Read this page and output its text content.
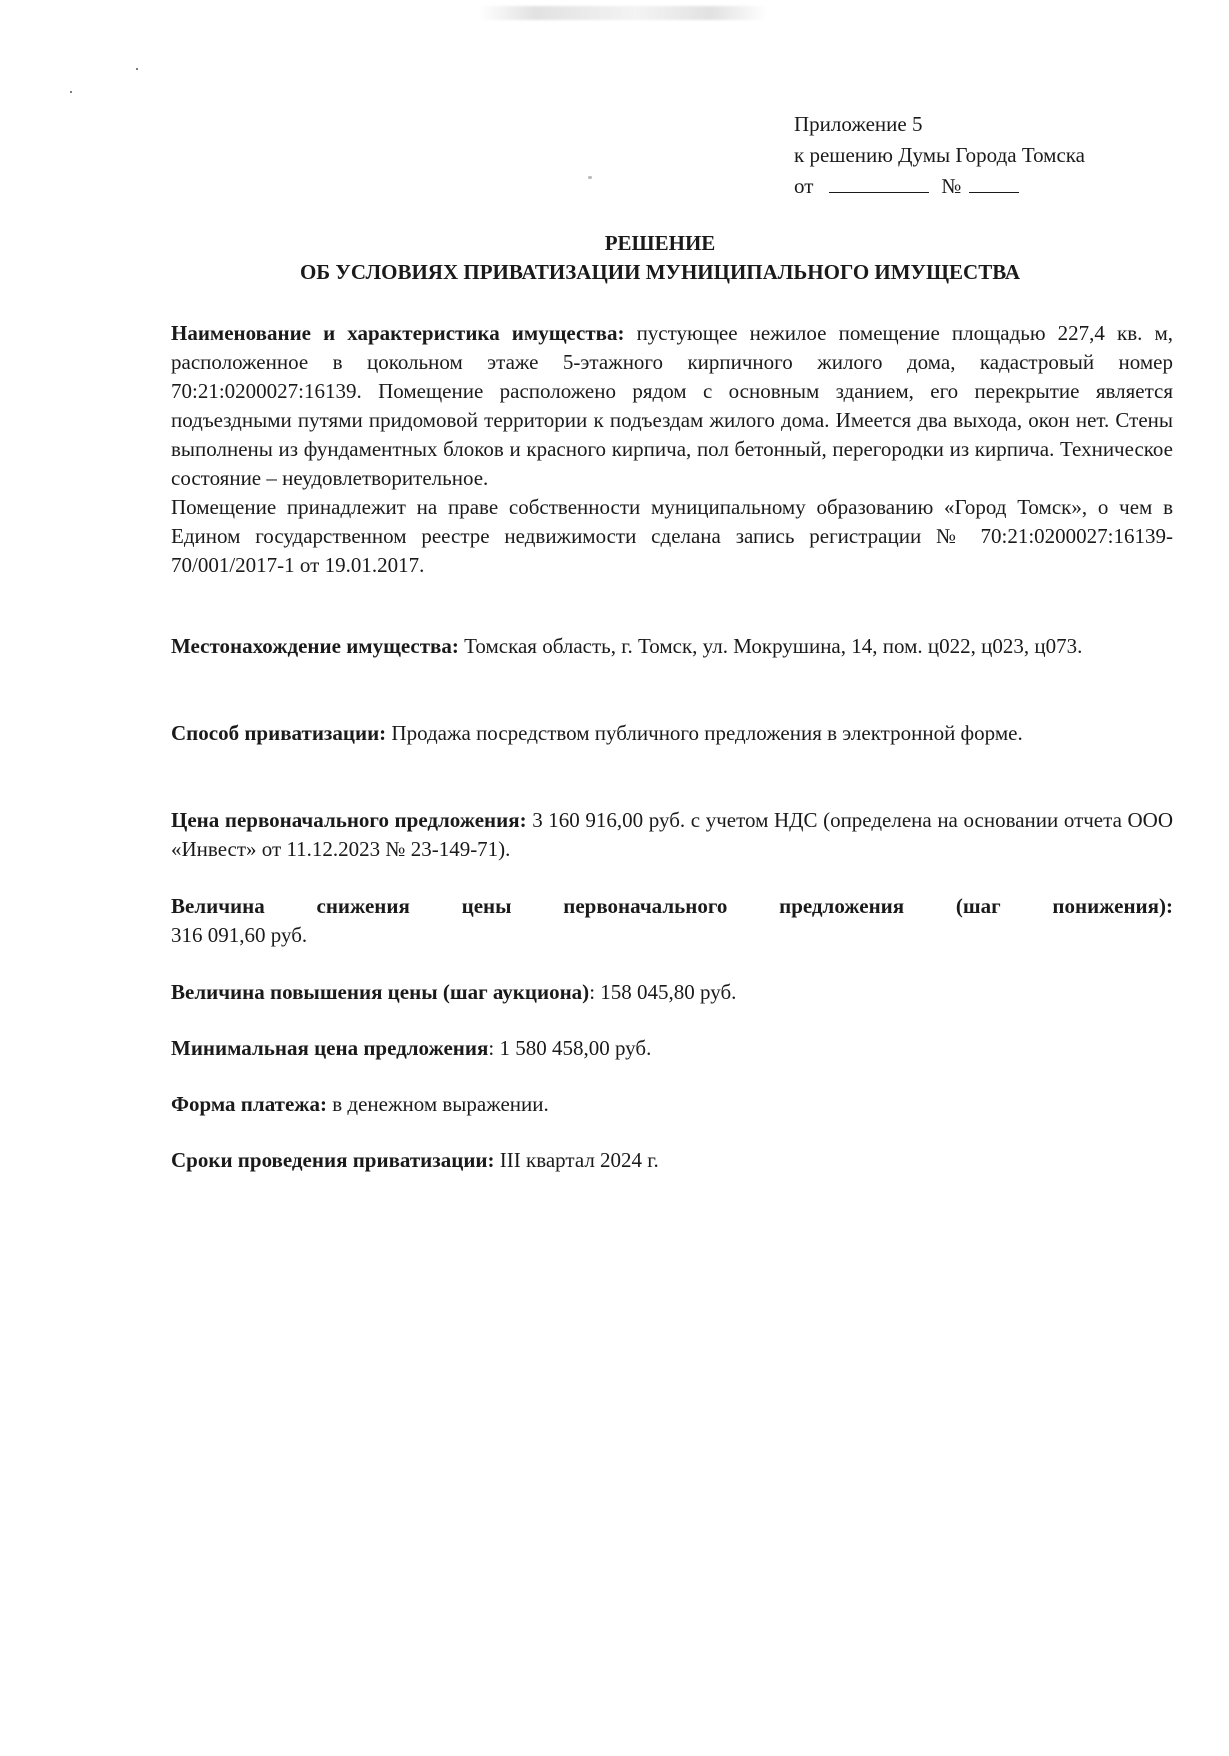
Приложение 5
к решению Думы Города Томска
от	№
РЕШЕНИЕ
ОБ УСЛОВИЯХ ПРИВАТИЗАЦИИ МУНИЦИПАЛЬНОГО ИМУЩЕСТВА

Наименование и характеристика имущества: пустующее нежилое помещение площадью 227,4 кв. м, расположенное в цокольном этаже 5-этажного кирпичного жилого дома, кадастровый номер 70:21:0200027:16139. Помещение расположено рядом с основным зданием, его перекрытие является подъездными путями придомовой территории к подъездам жилого дома. Имеется два выхода, окон нет. Стены выполнены из фундаментных блоков и красного кирпича, пол бетонный, перегородки из кирпича. Техническое состояние – неудовлетворительное.

Помещение принадлежит на праве собственности муниципальному образованию «Город Томск», о чем в Едином государственном реестре недвижимости сделана запись регистрации № 70:21:0200027:16139-70/001/2017-1 от 19.01.2017.

Местонахождение имущества: Томская область, г. Томск, ул. Мокрушина, 14, пом. ц022, ц023, ц073.

Способ приватизации: Продажа посредством публичного предложения в электронной форме.

Цена первоначального предложения: 3 160 916,00 руб. с учетом НДС (определена на основании отчета ООО «Инвест» от 11.12.2023 № 23-149-71).

Величина снижения цены первоначального предложения (шаг понижения):

316 091,60 руб.

Величина повышения цены (шаг аукциона): 158 045,80 руб.

Минимальная цена предложения: 1 580 458,00 руб.

Форма платежа: в денежном выражении.

Сроки проведения приватизации: III квартал 2024 г.
